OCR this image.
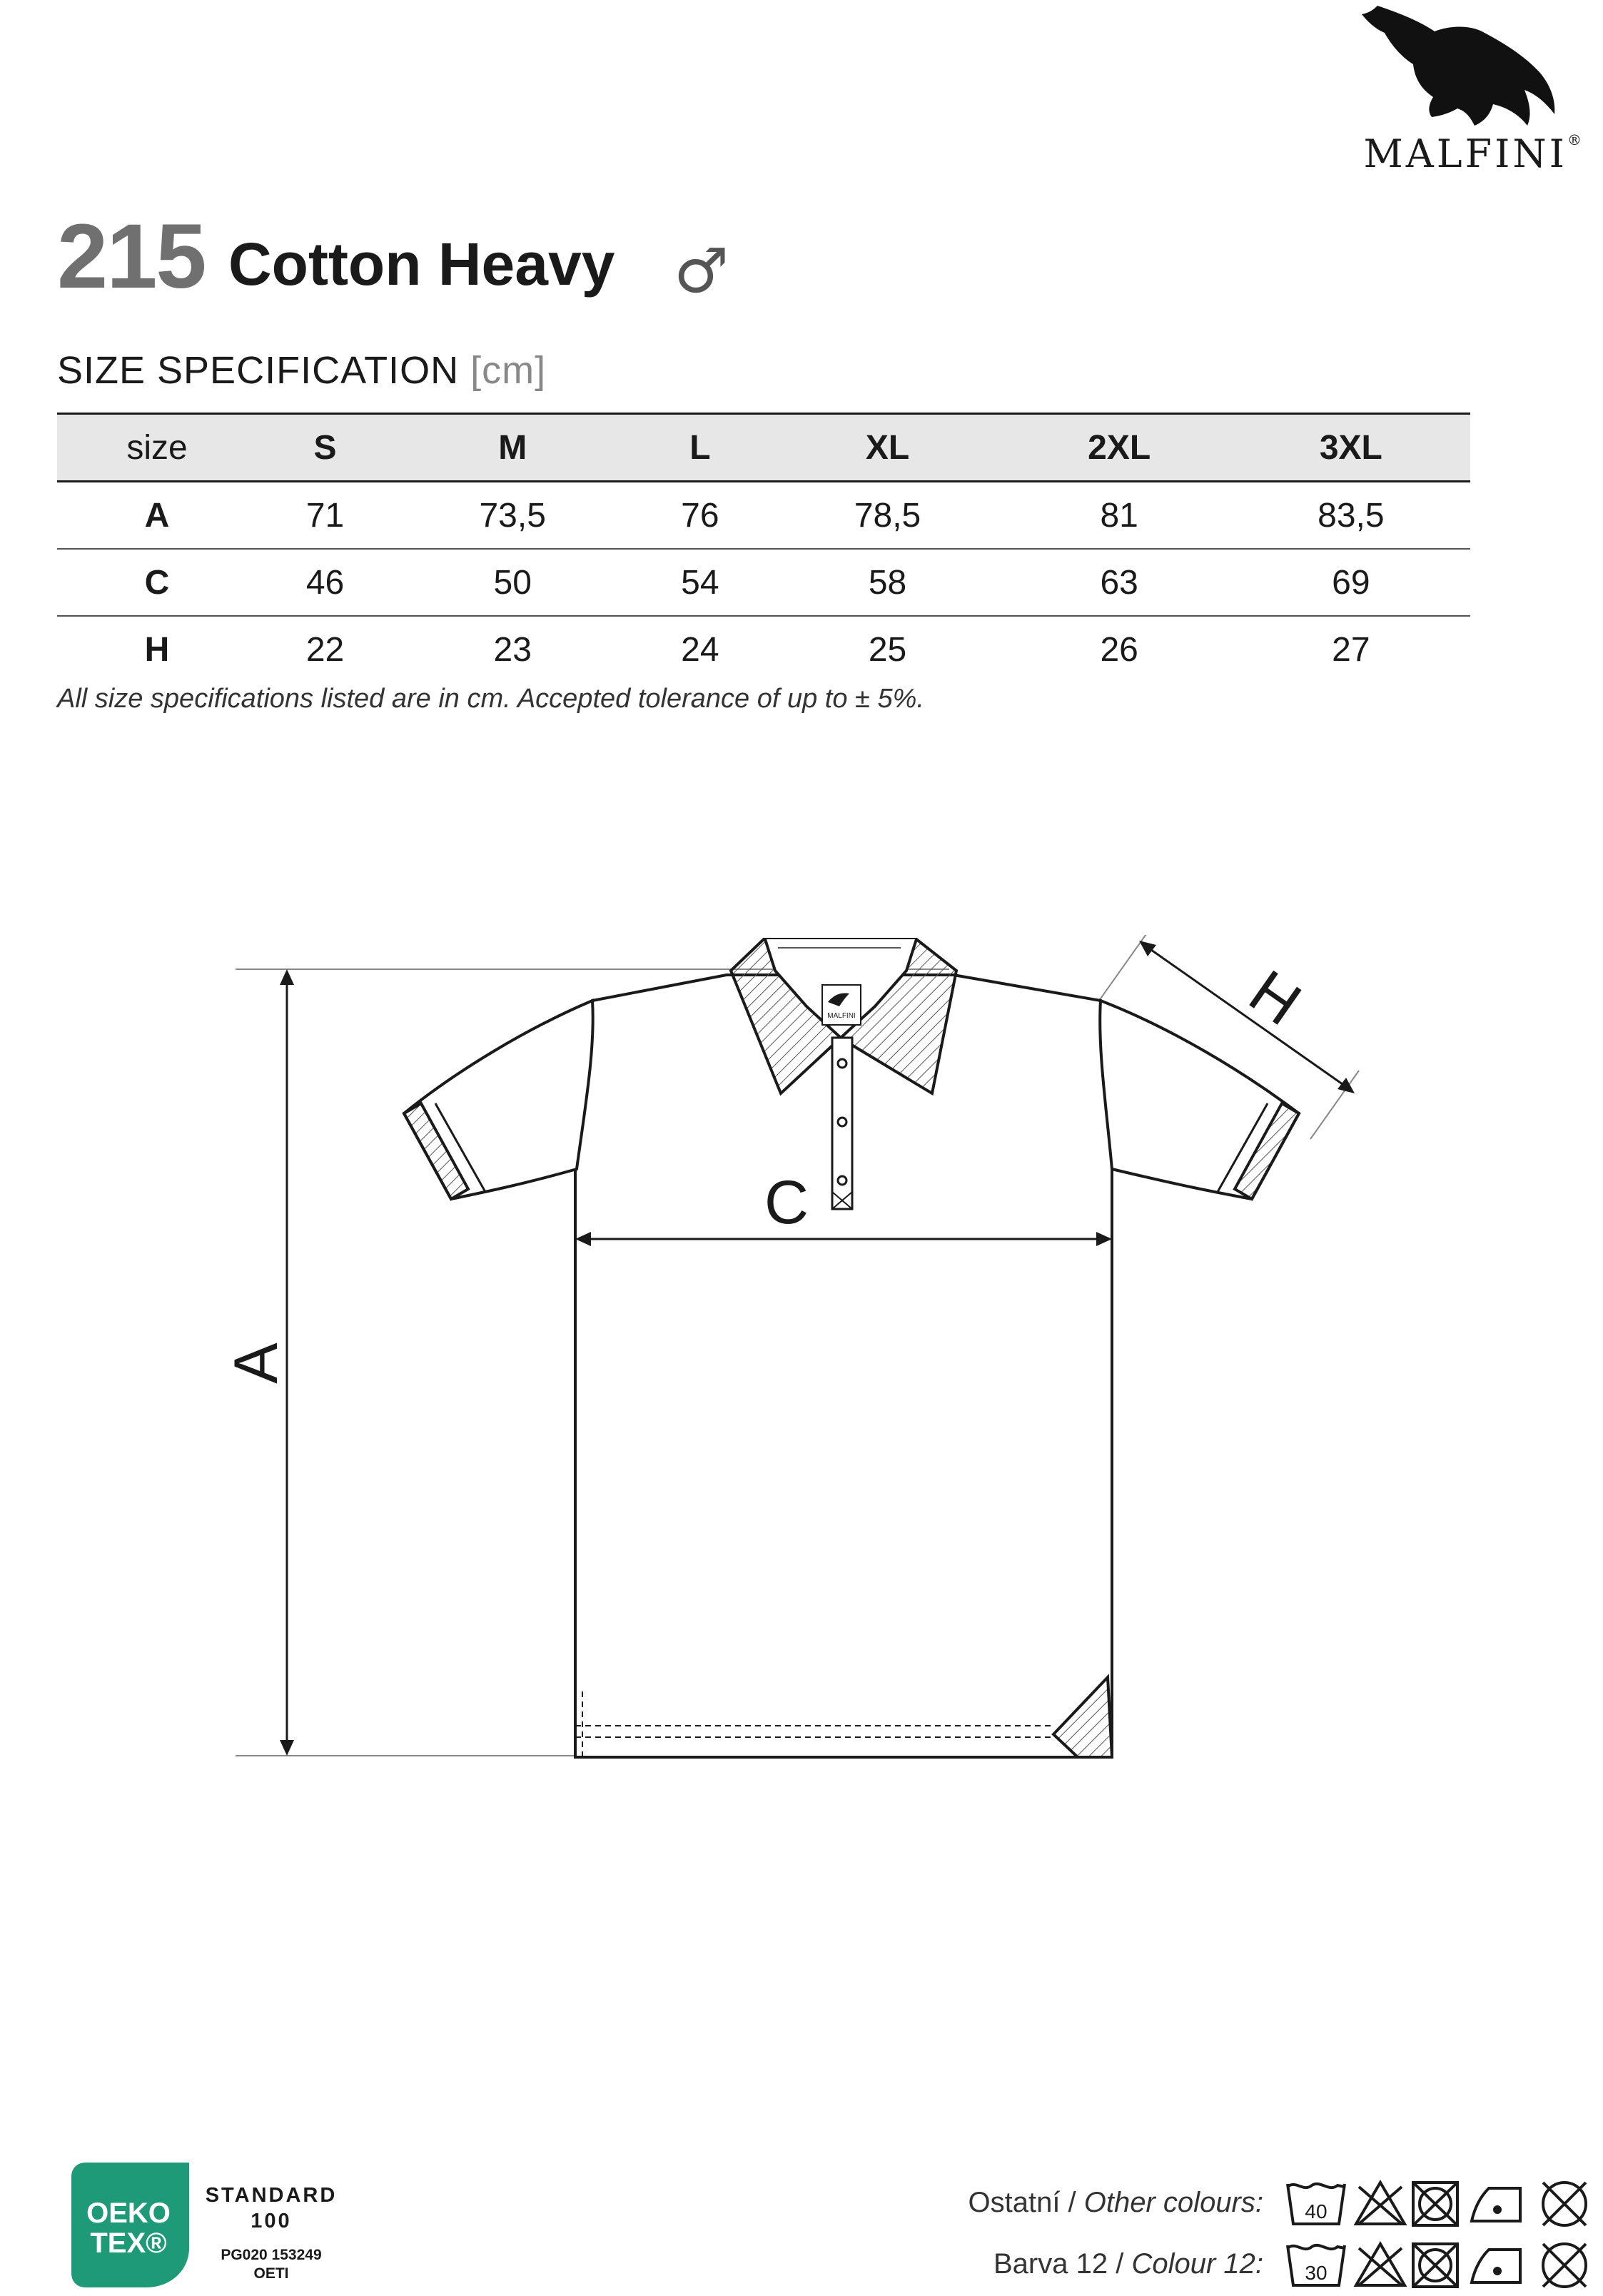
MALFINI®
215 Cotton Heavy ♂
SIZE SPECIFICATION [cm]
size	S	M	L	XL	2XL	3XL
A	71	73,5	76	78,5	81	83,5
C	46	50	54	58	63	69
H	22	23	24	25	26	27
All size specifications listed are in cm. Accepted tolerance of up to ± 5%.
A
H
MALFINI
C
OEKO
TEX®
STANDARD
100
PG020 153249
OETI
Ostatní / Other colours:
Barva 12 / Colour 12:
40
30
